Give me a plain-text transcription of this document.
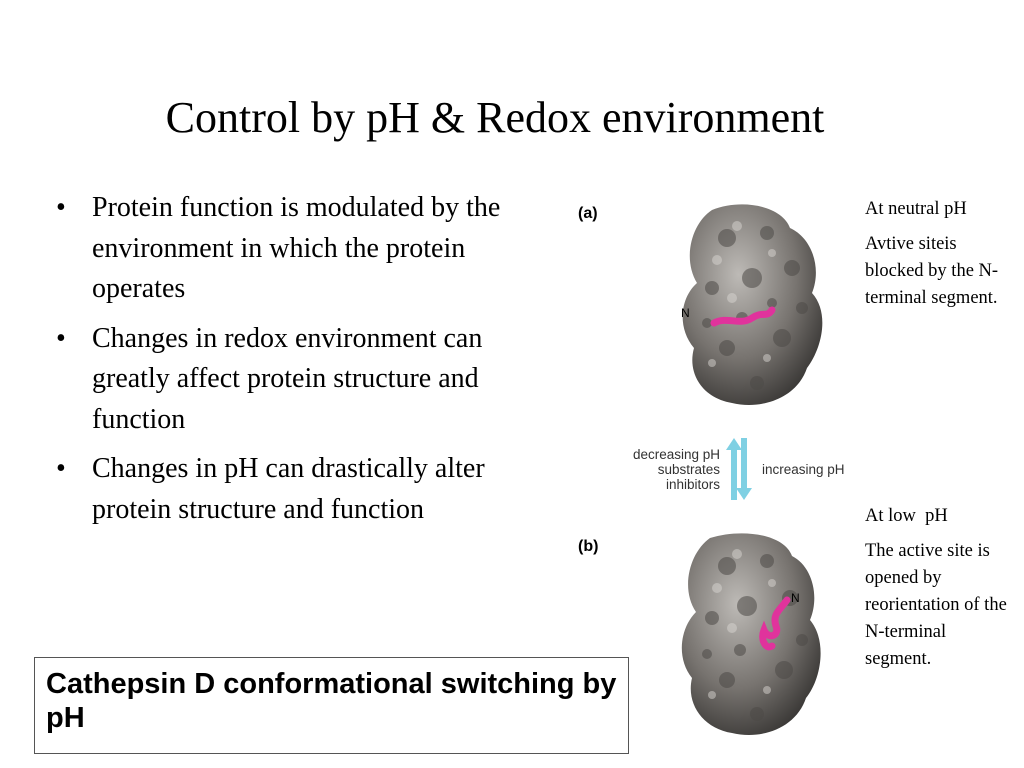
Control by pH & Redox environment
• Protein function is modulated by the environment in which the protein operates
• Changes in redox environment can greatly affect protein structure and function
• Changes in pH can drastically alter protein structure and function
Cathepsin D conformational switching by pH
(a)
(b)
N
decreasing pH
substrates
inhibitors
increasing pH
N

At neutral pH

Avtive siteis blocked by the N-terminal segment.

At low  pH

The active site is opened by reorientation of the N-terminal segment.
